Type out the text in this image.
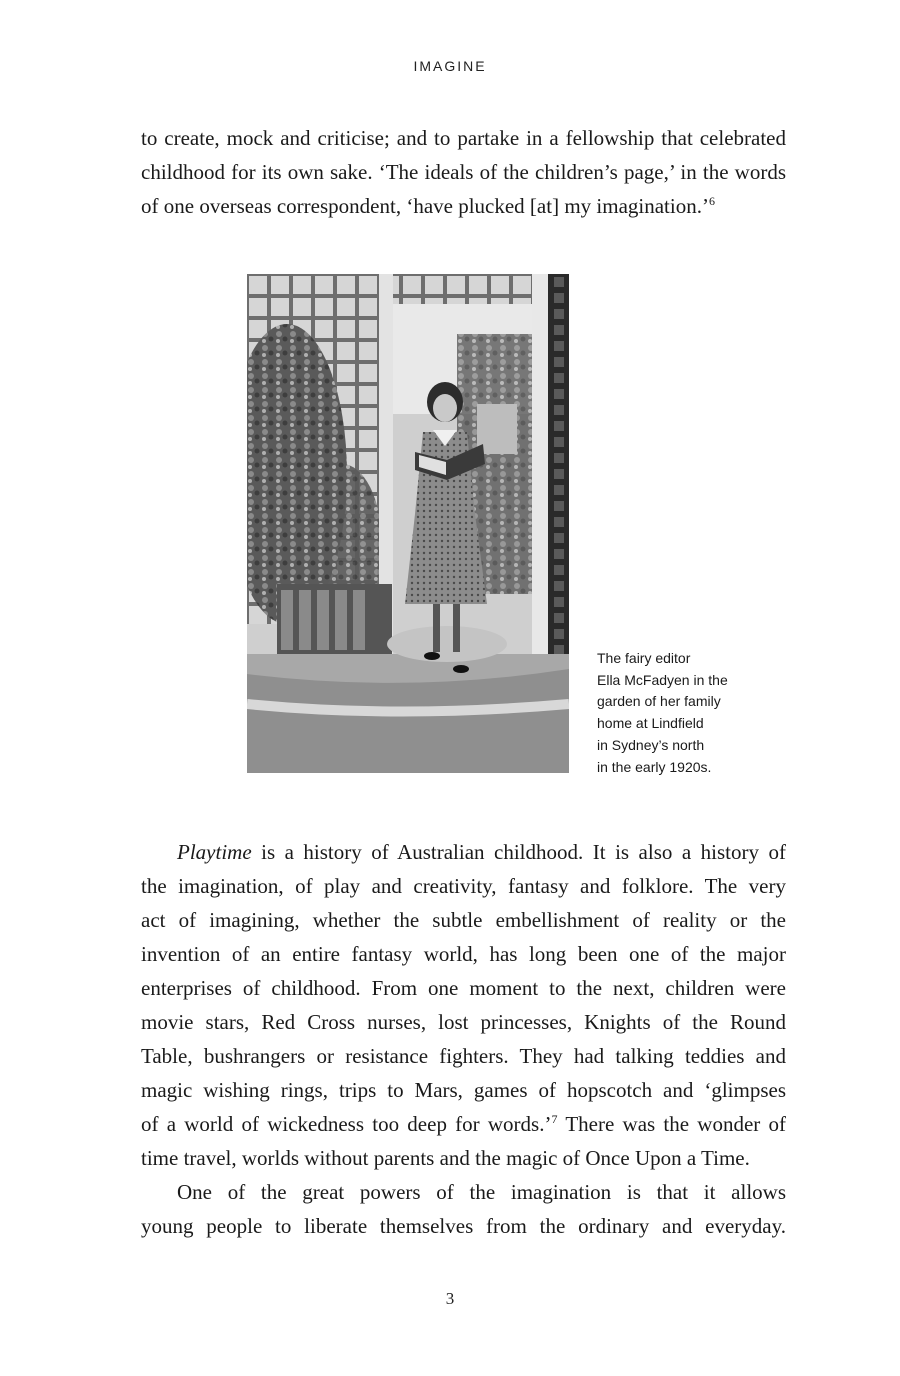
IMAGINE
to create, mock and criticise; and to partake in a fellowship that celebrated
childhood for its own sake. ‘The ideals of the children’s page,’ in the words
of one overseas correspondent, ‘have plucked [at] my imagination.’$^6$
The fairy editor
Ella McFadyen in the
garden of her family
home at Lindfield
in Sydney’s north
in the early 1920s.
Playtime is a history of Australian childhood. It is also a history of
the imagination, of play and creativity, fantasy and folklore. The very
act of imagining, whether the subtle embellishment of reality or the
invention of an entire fantasy world, has long been one of the major
enterprises of childhood. From one moment to the next, children were
movie stars, Red Cross nurses, lost princesses, Knights of the Round
Table, bushrangers or resistance fighters. They had talking teddies and
magic wishing rings, trips to Mars, games of hopscotch and ‘glimpses
of a world of wickedness too deep for words.’$^7$ There was the wonder of
time travel, worlds without parents and the magic of Once Upon a Time.
One of the great powers of the imagination is that it allows
young people to liberate themselves from the ordinary and everyday.
3
